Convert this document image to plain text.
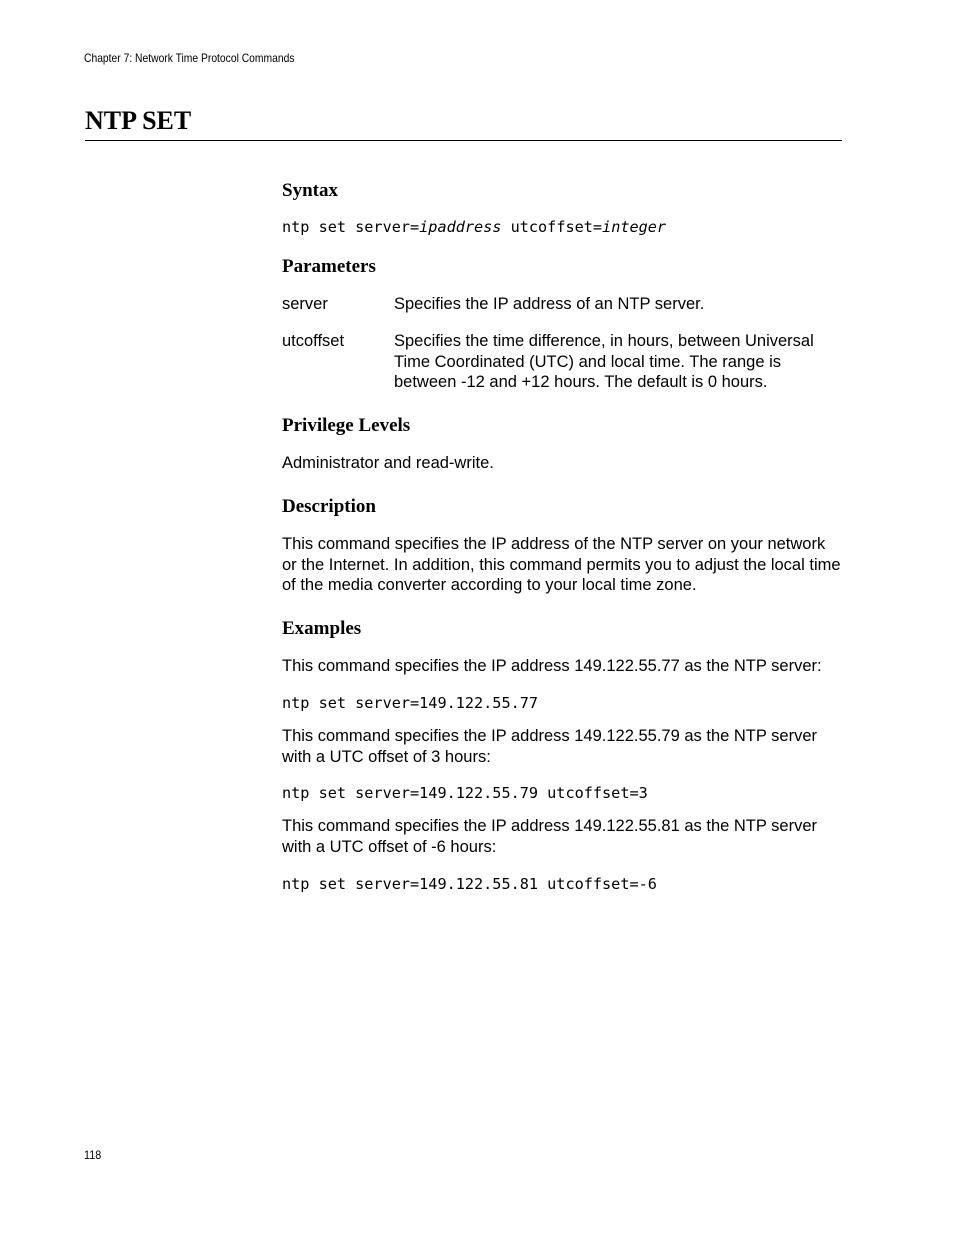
Chapter 7: Network Time Protocol Commands
NTP SET
Syntax
ntp set server=ipaddress utcoffset=integer
Parameters
server	Specifies the IP address of an NTP server.
utcoffset	Specifies the time difference, in hours, between Universal Time Coordinated (UTC) and local time. The range is between -12 and +12 hours. The default is 0 hours.
Privilege Levels
Administrator and read-write.
Description
This command specifies the IP address of the NTP server on your network or the Internet. In addition, this command permits you to adjust the local time of the media converter according to your local time zone.
Examples
This command specifies the IP address 149.122.55.77 as the NTP server:
ntp set server=149.122.55.77
This command specifies the IP address 149.122.55.79 as the NTP server with a UTC offset of 3 hours:
ntp set server=149.122.55.79 utcoffset=3
This command specifies the IP address 149.122.55.81 as the NTP server with a UTC offset of -6 hours:
ntp set server=149.122.55.81 utcoffset=-6
118
